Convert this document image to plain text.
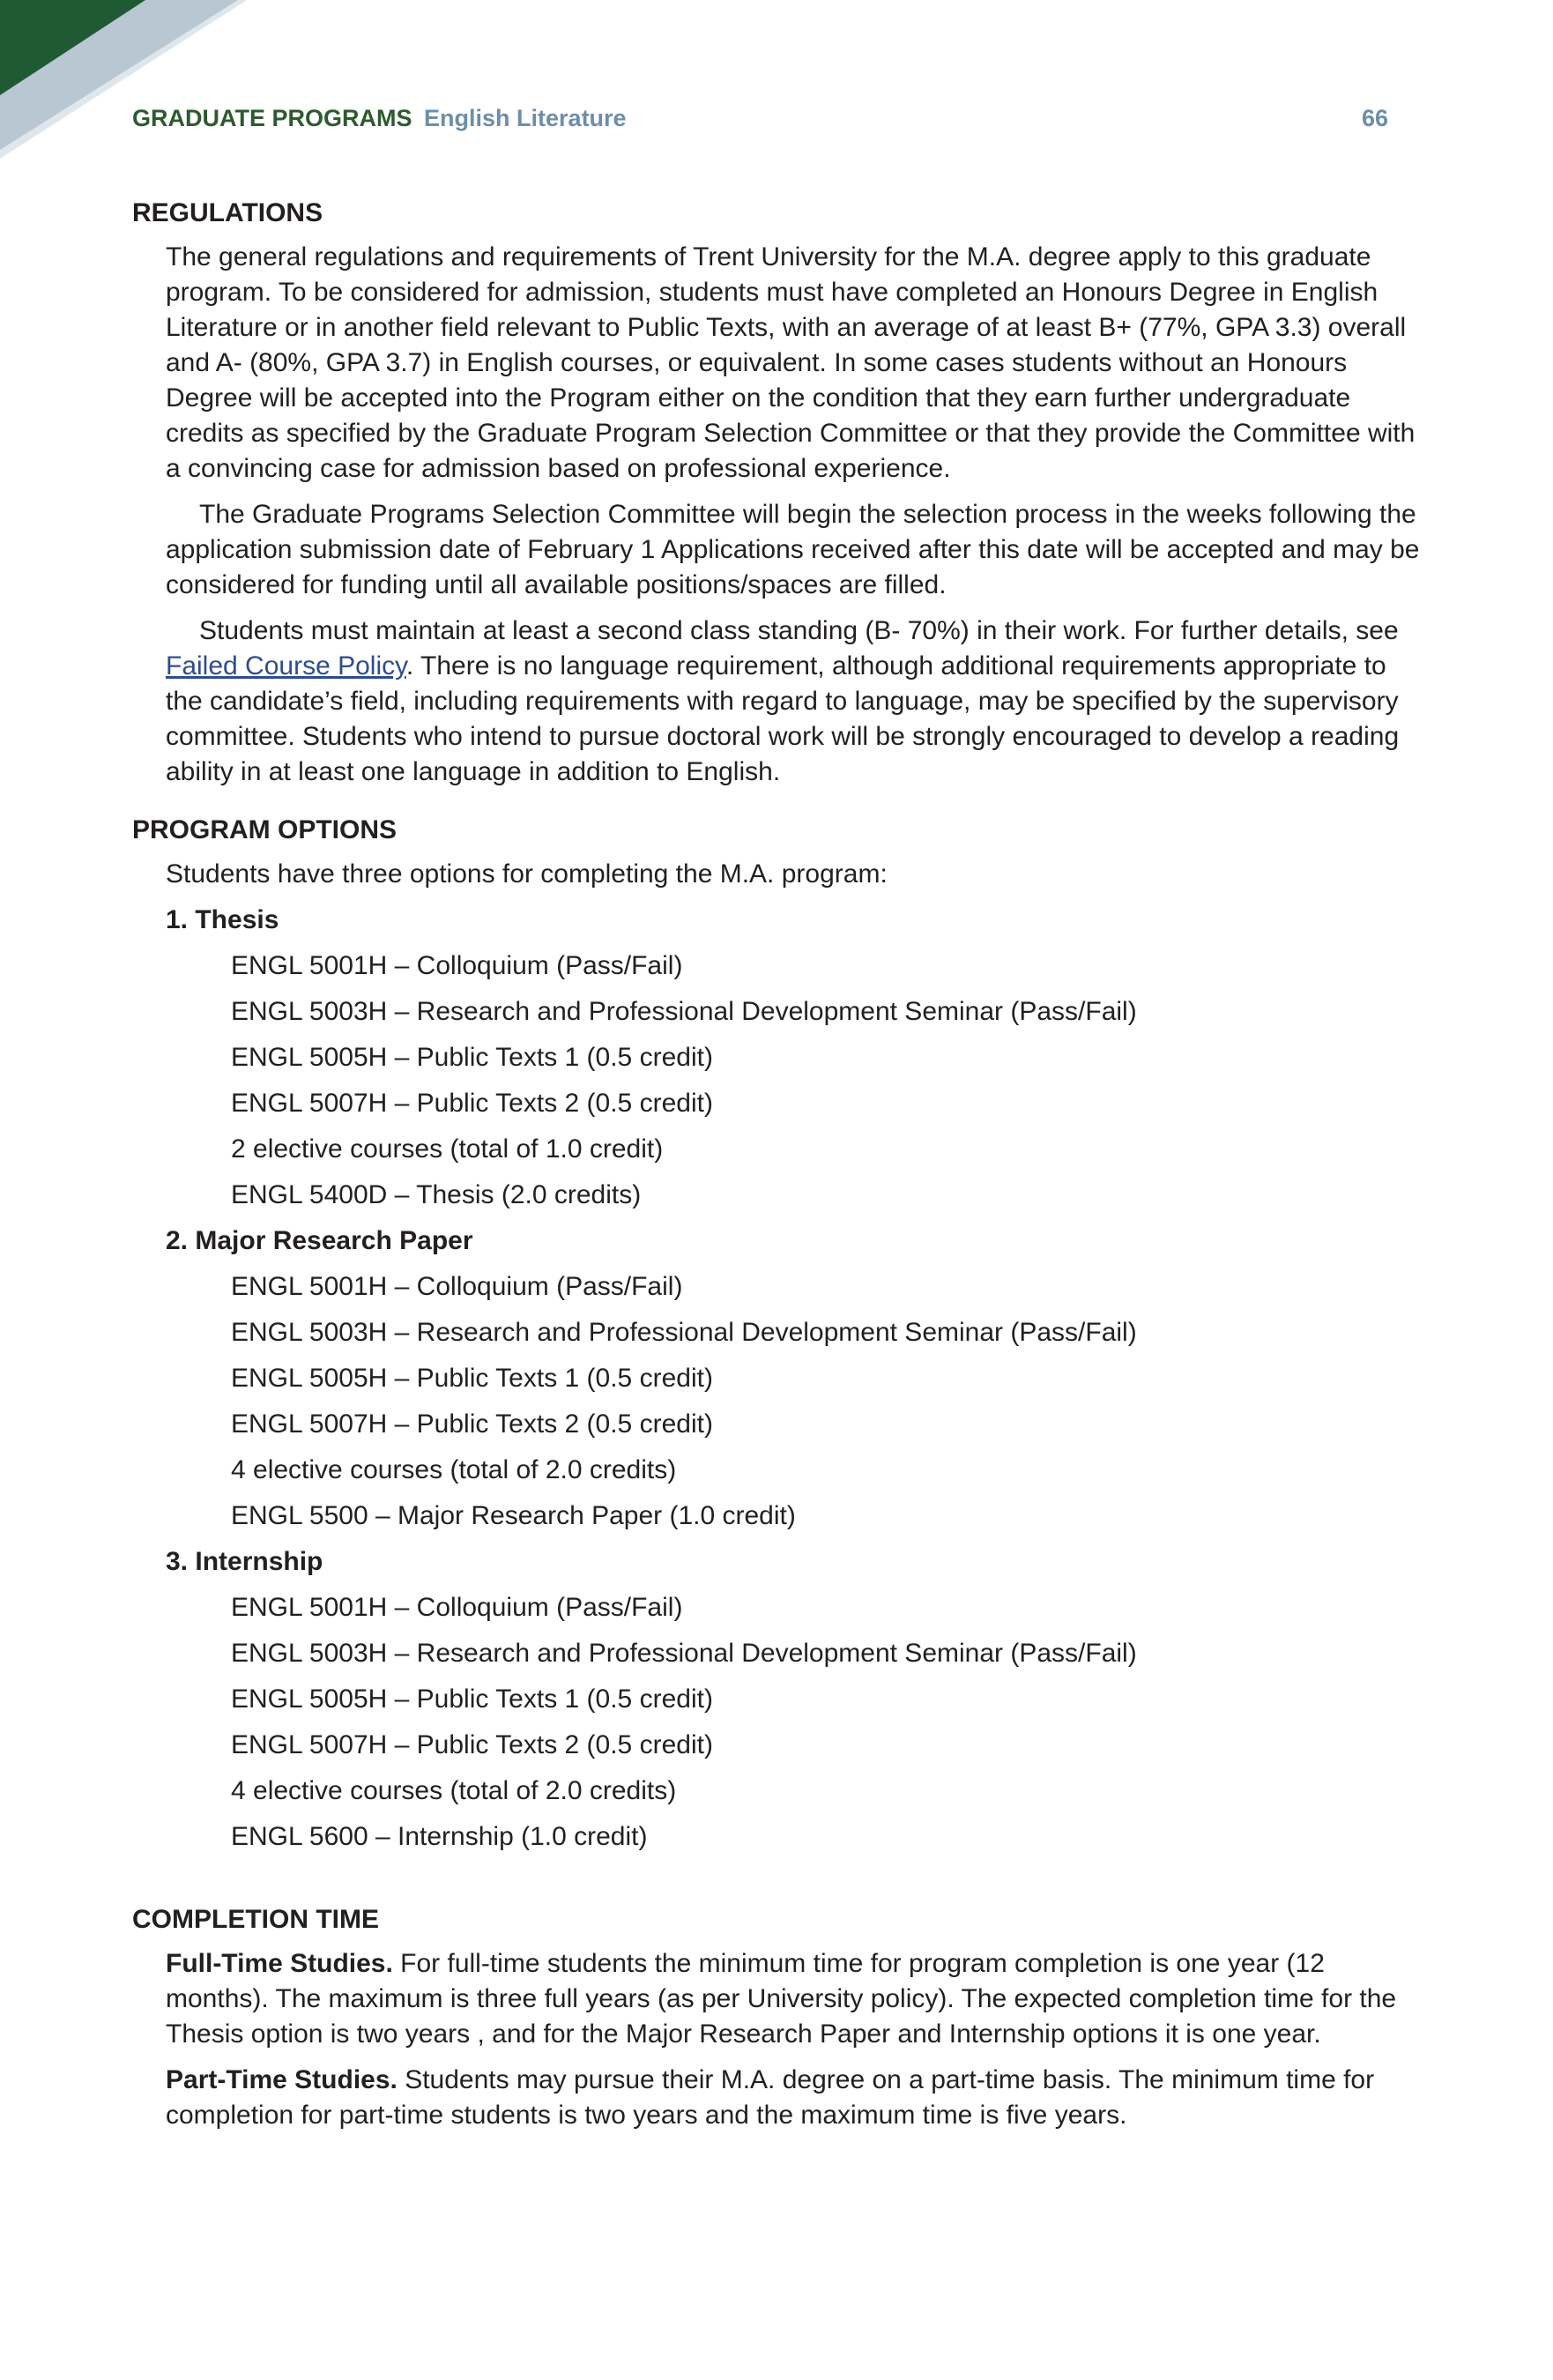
GRADUATE PROGRAMS English Literature	66
REGULATIONS

The general regulations and requirements of Trent University for the M.A. degree apply to this graduate program. To be considered for admission, students must have completed an Honours Degree in English Literature or in another field relevant to Public Texts, with an average of at least B+ (77%, GPA 3.3) overall and A- (80%, GPA 3.7) in English courses, or equivalent. In some cases students without an Honours Degree will be accepted into the Program either on the condition that they earn further undergraduate credits as specified by the Graduate Program Selection Committee or that they provide the Committee with a convincing case for admission based on professional experience.

The Graduate Programs Selection Committee will begin the selection process in the weeks following the application submission date of February 1 Applications received after this date will be accepted and may be considered for funding until all available positions/spaces are filled.

Students must maintain at least a second class standing (B- 70%) in their work. For further details, see Failed Course Policy. There is no language requirement, although additional requirements appropriate to the candidate’s field, including requirements with regard to language, may be specified by the supervisory committee. Students who intend to pursue doctoral work will be strongly encouraged to develop a reading ability in at least one language in addition to English.

PROGRAM OPTIONS

Students have three options for completing the M.A. program:

1. Thesis
ENGL 5001H – Colloquium (Pass/Fail)
ENGL 5003H – Research and Professional Development Seminar (Pass/Fail)
ENGL 5005H – Public Texts 1 (0.5 credit)
ENGL 5007H – Public Texts 2 (0.5 credit)
2 elective courses (total of 1.0 credit)
ENGL 5400D – Thesis (2.0 credits)
2. Major Research Paper
ENGL 5001H – Colloquium (Pass/Fail)
ENGL 5003H – Research and Professional Development Seminar (Pass/Fail)
ENGL 5005H – Public Texts 1 (0.5 credit)
ENGL 5007H – Public Texts 2 (0.5 credit)
4 elective courses (total of 2.0 credits)
ENGL 5500 – Major Research Paper (1.0 credit)
3. Internship
ENGL 5001H – Colloquium (Pass/Fail)
ENGL 5003H – Research and Professional Development Seminar (Pass/Fail)
ENGL 5005H – Public Texts 1 (0.5 credit)
ENGL 5007H – Public Texts 2 (0.5 credit)
4 elective courses (total of 2.0 credits)
ENGL 5600 – Internship (1.0 credit)
COMPLETION TIME

Full-Time Studies. For full-time students the minimum time for program completion is one year (12 months). The maximum is three full years (as per University policy). The expected completion time for the Thesis option is two years , and for the Major Research Paper and Internship options it is one year.

Part-Time Studies. Students may pursue their M.A. degree on a part-time basis. The minimum time for completion for part-time students is two years and the maximum time is five years.
